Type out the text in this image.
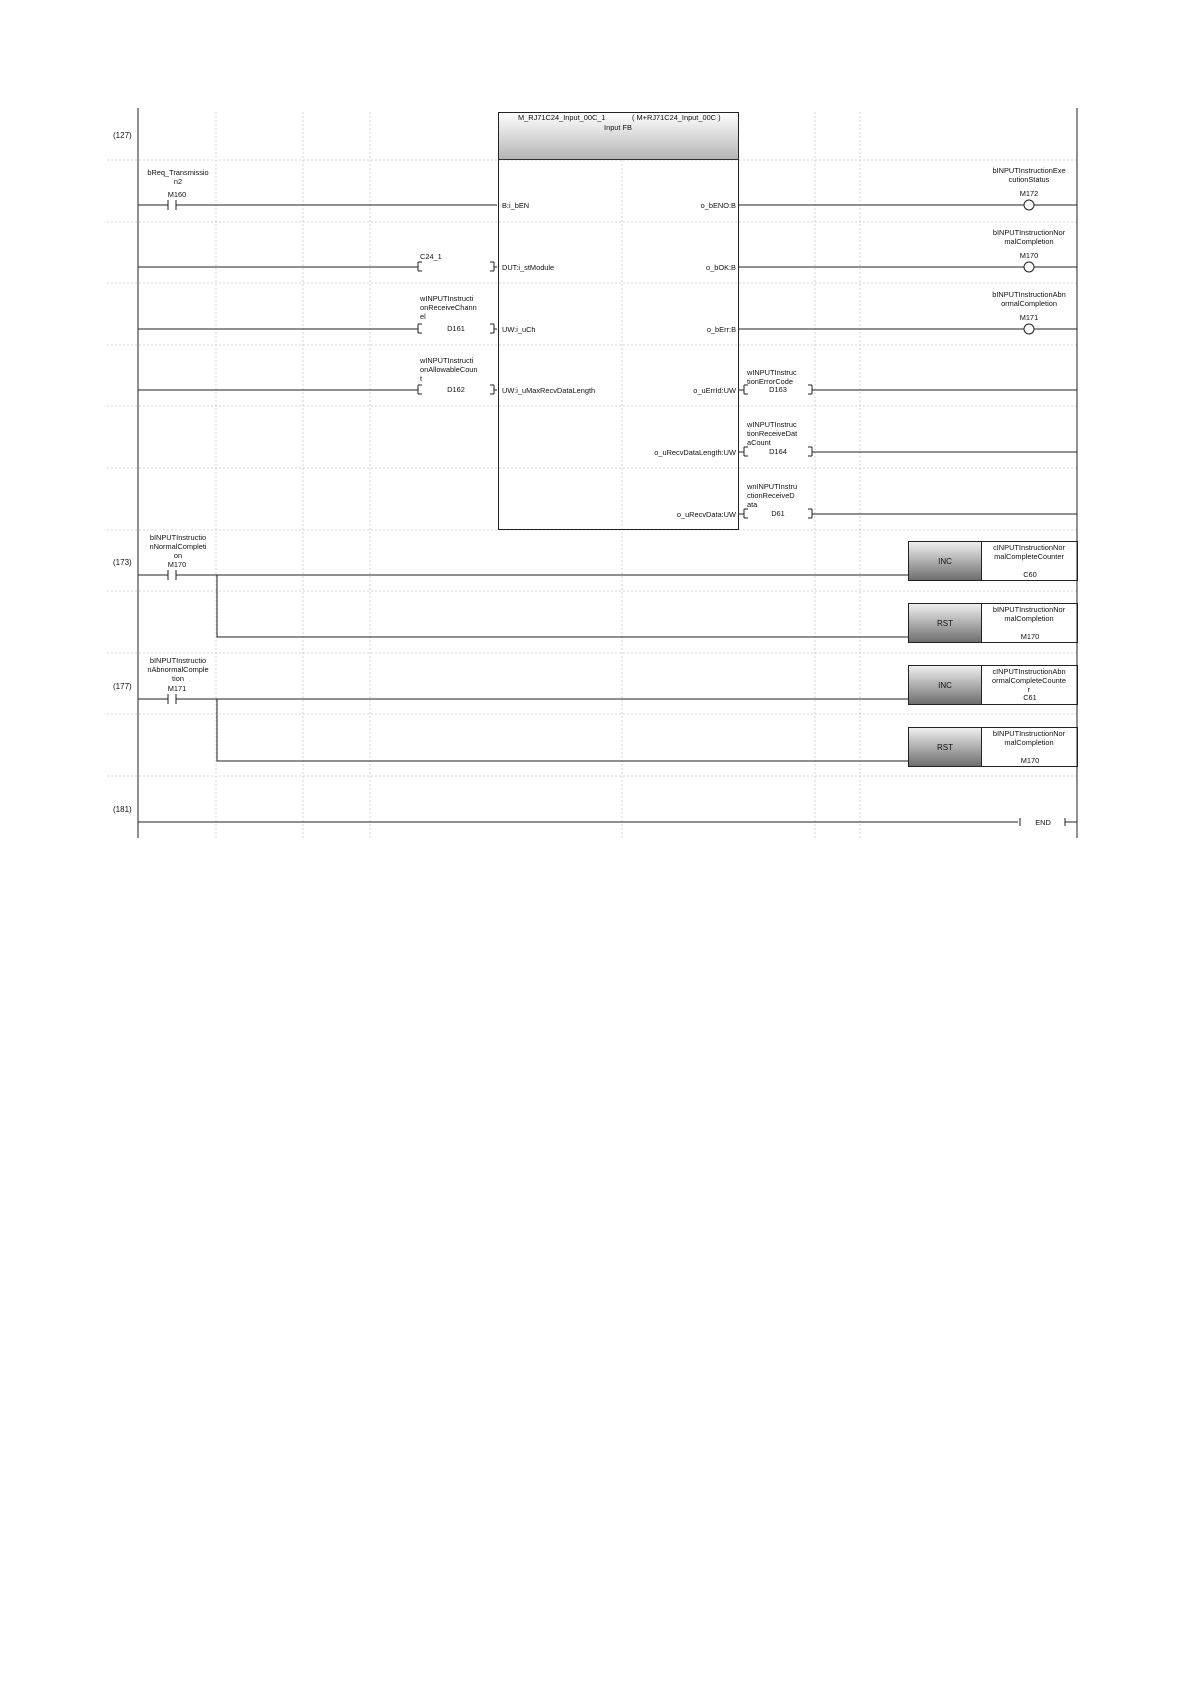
(127)
(173)
(177)
(181)
M_RJ71C24_Input_00C_1	( M+RJ71C24_Input_00C )
Input FB
B:i_bEN
DUT:i_stModule
UW:i_uCh
UW:i_uMaxRecvDataLength
o_bENO:B
o_bOK:B
o_bErr:B
o_uErrId:UW
o_uRecvDataLength:UW
o_uRecvData:UW
bReq_Transmissio
n2
M160
bINPUTInstructio
nNormalCompleti
on
M170
bINPUTInstructio
nAbnormalComple
tion
M171
C24_1
wINPUTInstructi
onReceiveChann
el
D161
wINPUTInstructi
onAllowableCoun
t
D162
wINPUTInstruc
tionErrorCode
D163
wINPUTInstruc
tionReceiveDat
aCount
D164
wnINPUTInstru
ctionReceiveD
ata
D61
bINPUTInstructionExe
cutionStatus
M172
bINPUTInstructionNor
malCompletion
M170
bINPUTInstructionAbn
ormalCompletion
M171
INC
cINPUTInstructionNor
malCompleteCounter
C60
RST
bINPUTInstructionNor
malCompletion
M170
INC
cINPUTInstructionAbn
ormalCompleteCounte
r
C61
RST
bINPUTInstructionNor
malCompletion
M170
END
